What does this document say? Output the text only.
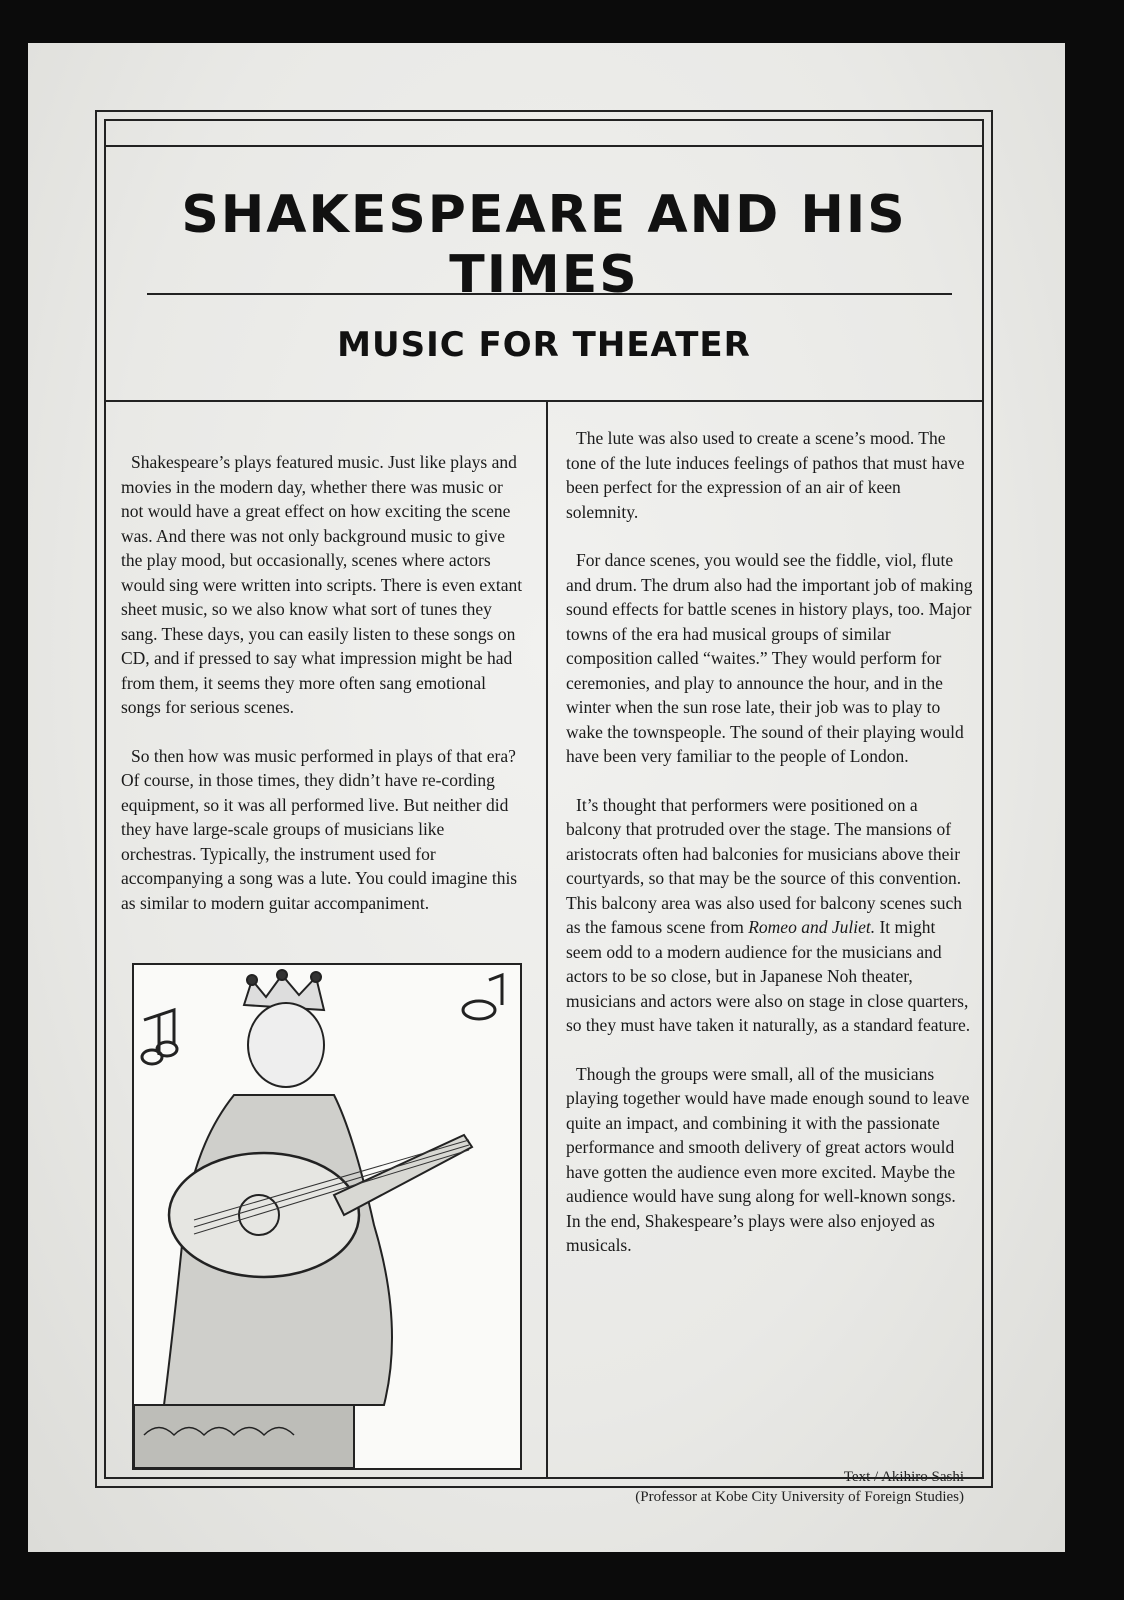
SHAKESPEARE AND HIS TIMES
MUSIC FOR THEATER

Shakespeare’s plays featured music. Just like plays and movies in the modern day, whether there was music or not would have a great effect on how exciting the scene was. And there was not only background music to give the play mood, but occasionally, scenes where actors would sing were written into scripts. There is even extant sheet music, so we also know what sort of tunes they sang. These days, you can easily listen to these songs on CD, and if pressed to say what impression might be had from them, it seems they more often sang emotional songs for serious scenes.

So then how was music performed in plays of that era? Of course, in those times, they didn’t have re-cording equipment, so it was all performed live. But neither did they have large-scale groups of musicians like orchestras. Typically, the instrument used for accompanying a song was a lute. You could imagine this as similar to modern guitar accompaniment.

The lute was also used to create a scene’s mood. The tone of the lute induces feelings of pathos that must have been perfect for the expression of an air of keen solemnity.

For dance scenes, you would see the fiddle, viol, flute and drum. The drum also had the important job of making sound effects for battle scenes in history plays, too. Major towns of the era had musical groups of similar composition called “waites.” They would perform for ceremonies, and play to announce the hour, and in the winter when the sun rose late, their job was to play to wake the townspeople. The sound of their playing would have been very familiar to the people of London.

It’s thought that performers were positioned on a balcony that protruded over the stage. The mansions of aristocrats often had balconies for musicians above their courtyards, so that may be the source of this convention. This balcony area was also used for balcony scenes such as the famous scene from Romeo and Juliet. It might seem odd to a modern audience for the musicians and actors to be so close, but in Japanese Noh theater, musicians and actors were also on stage in close quarters, so they must have taken it naturally, as a standard feature.

Though the groups were small, all of the musicians playing together would have made enough sound to leave quite an impact, and combining it with the passionate performance and smooth delivery of great actors would have gotten the audience even more excited. Maybe the audience would have sung along for well-known songs. In the end, Shakespeare’s plays were also enjoyed as musicals.

Text / Akihiro Sashi
(Professor at Kobe City University of Foreign Studies)
